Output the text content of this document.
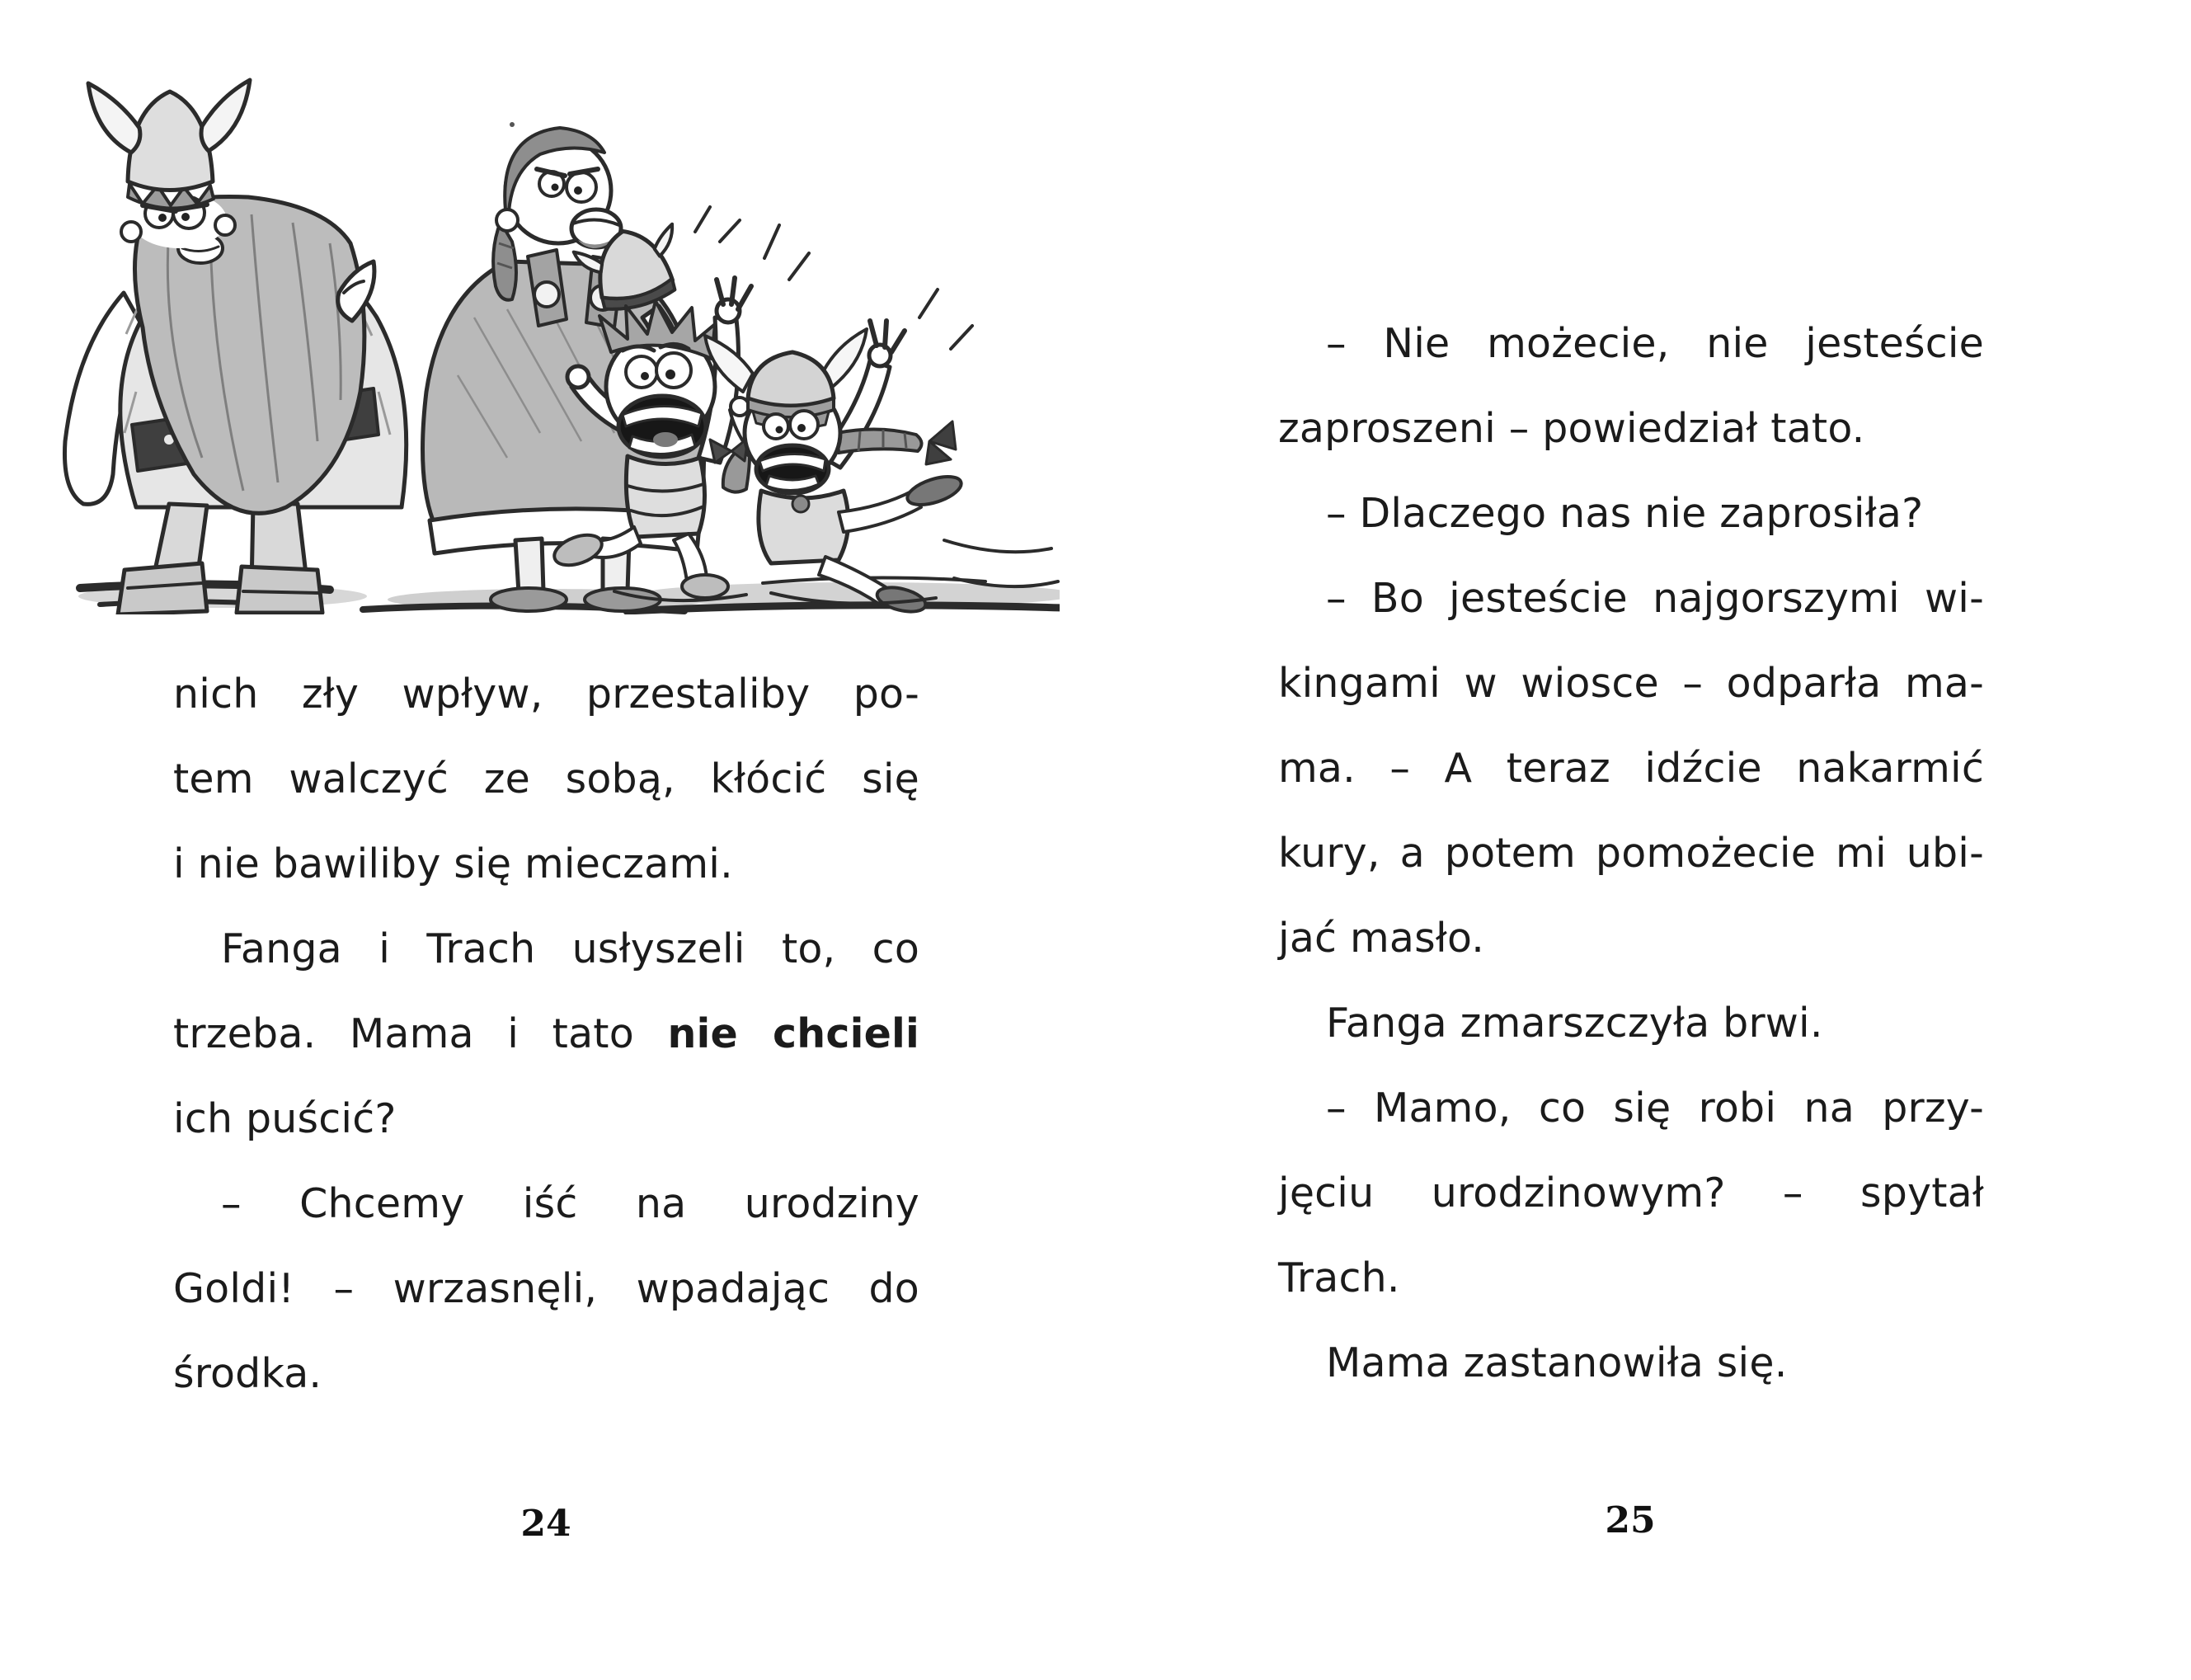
nich zły wpływ, przestaliby po-
tem walczyć ze sobą, kłócić się
i nie bawiliby się mieczami.
Fanga i Trach usłyszeli to, co
trzeba. Mama i tato nie chcieli
ich puścić?
– Chcemy iść na urodziny
Goldi! – wrzasnęli, wpadając do
środka.
24
– Nie możecie, nie jesteście
zaproszeni – powiedział tato.
– Dlaczego nas nie zaprosiła?
– Bo jesteście najgorszymi wi-
kingami w wiosce – odparła ma-
ma. – A teraz idźcie nakarmić
kury, a potem pomożecie mi ubi-
jać masło.
Fanga zmarszczyła brwi.
– Mamo, co się robi na przy-
jęciu urodzinowym? – spytał
Trach.
Mama zastanowiła się.
25
